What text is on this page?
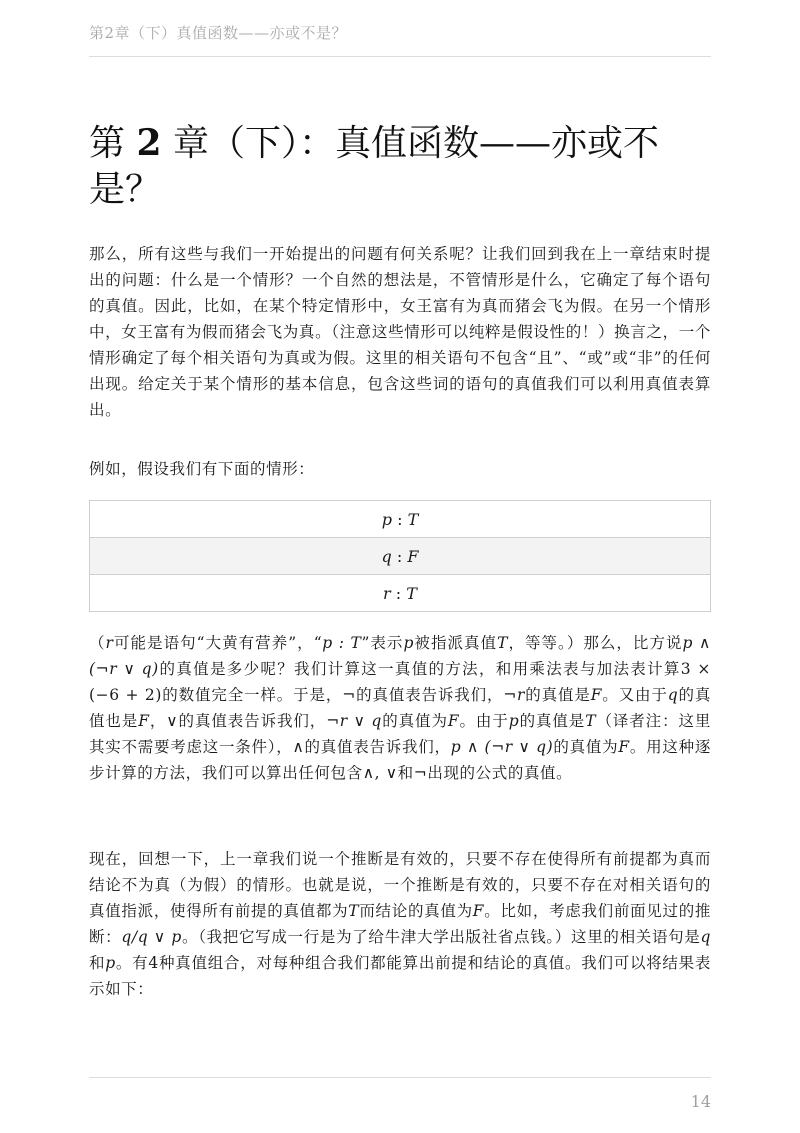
第2章（下）真值函数——亦或不是？
第 2 章（下）：真值函数——亦或不是？

那么，所有这些与我们一开始提出的问题有何关系呢？让我们回到我在上一章结束时提出的问题：什么是一个情形？一个自然的想法是，不管情形是什么，它确定了每个语句的真值。因此，比如，在某个特定情形中，女王富有为真而猪会飞为假。在另一个情形中，女王富有为假而猪会飞为真。（注意这些情形可以纯粹是假设性的！）换言之，一个情形确定了每个相关语句为真或为假。这里的相关语句不包含“且”、“或”或“非”的任何出现。给定关于某个情形的基本信息，包含这些词的语句的真值我们可以利用真值表算出。

例如，假设我们有下面的情形：

p : T
q : F
r : T

（r可能是语句“大黄有营养”，“p : T”表示p被指派真值T，等等。）那么，比方说p ∧ (¬r ∨ q)的真值是多少呢？我们计算这一真值的方法，和用乘法表与加法表计算3 × (−6 + 2)的数值完全一样。于是，¬的真值表告诉我们，¬r的真值是F。又由于q的真值也是F，∨的真值表告诉我们，¬r ∨ q的真值为F。由于p的真值是T（译者注：这里其实不需要考虑这一条件），∧的真值表告诉我们，p ∧ (¬r ∨ q)的真值为F。用这种逐步计算的方法，我们可以算出任何包含∧, ∨和¬出现的公式的真值。

现在，回想一下，上一章我们说一个推断是有效的，只要不存在使得所有前提都为真而结论不为真（为假）的情形。也就是说，一个推断是有效的，只要不存在对相关语句的真值指派，使得所有前提的真值都为T而结论的真值为F。比如，考虑我们前面见过的推断：q/q ∨ p。（我把它写成一行是为了给牛津大学出版社省点钱。）这里的相关语句是q和p。有4种真值组合，对每种组合我们都能算出前提和结论的真值。我们可以将结果表示如下：

14
